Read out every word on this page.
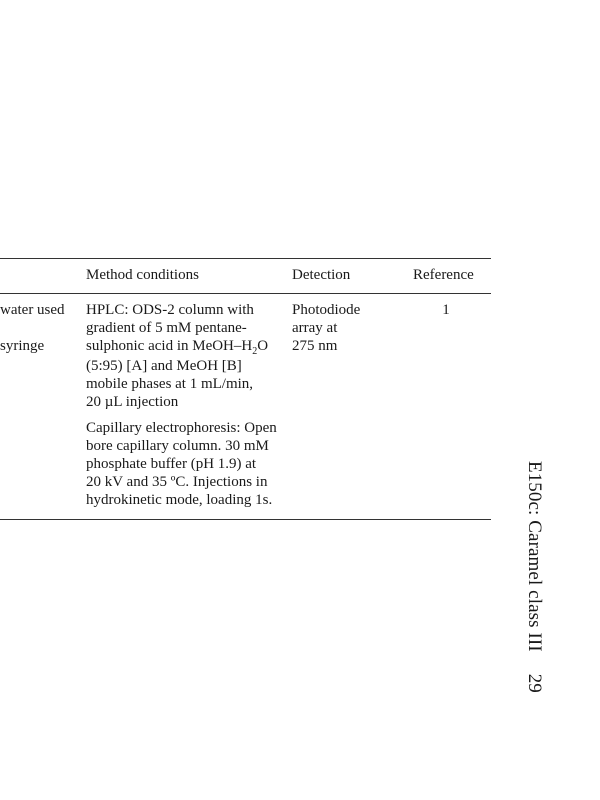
Method conditions	Detection	Reference
water used
syringe
HPLC: ODS-2 column with
gradient of 5 mM pentane-
sulphonic acid in MeOH–$H_2O$
(5:95) [A] and MeOH [B]
mobile phases at 1 mL/min,
20 µL injection
Capillary electrophoresis: Open
bore capillary column. 30 mM
phosphate buffer (pH 1.9) at
20 kV and 35 ºC. Injections in
hydrokinetic mode, loading 1s.
Photodiode
array at
275 nm
1
E150c: Caramel class III29
